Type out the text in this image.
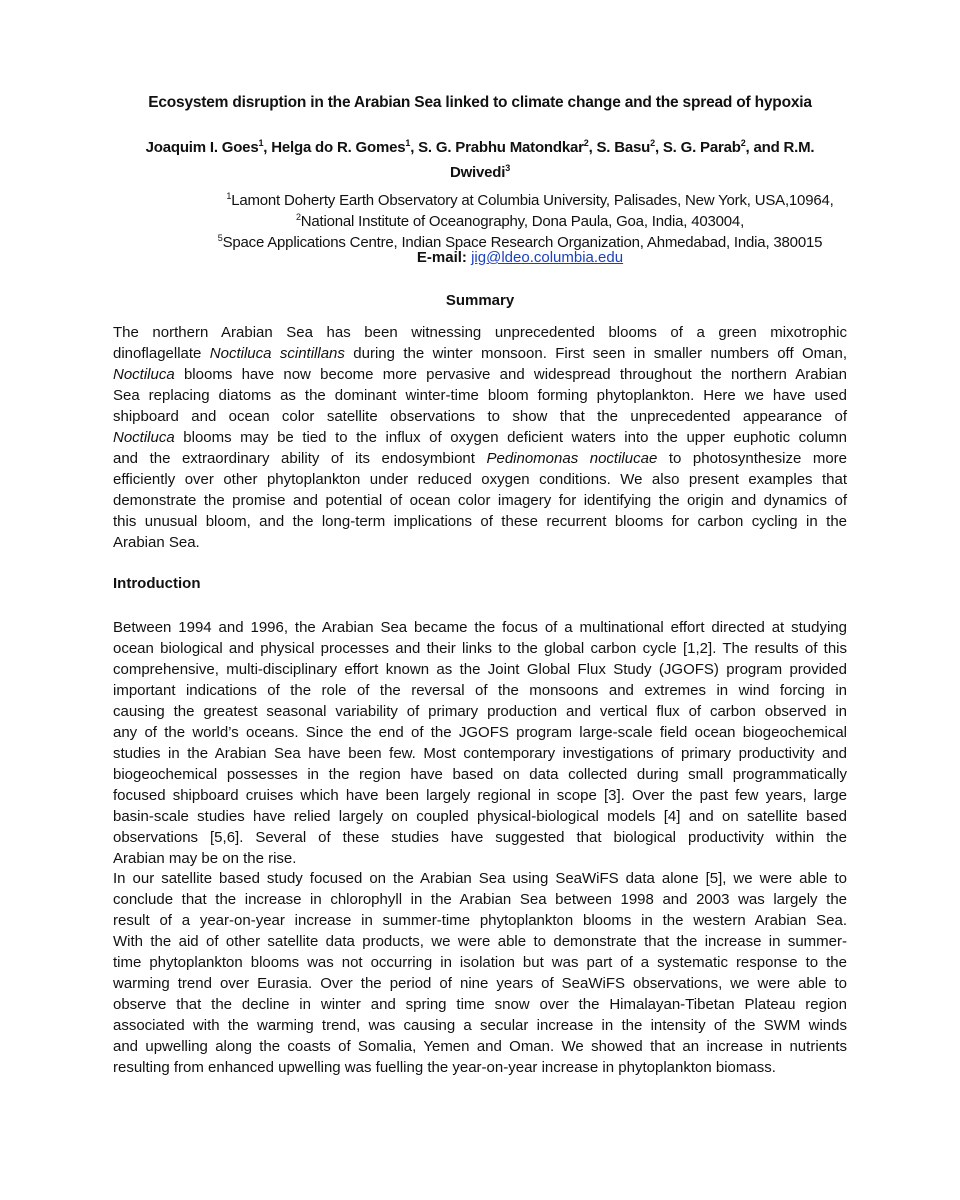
Ecosystem disruption in the Arabian Sea linked to climate change and the spread of hypoxia
Joaquim I. Goes$^1$, Helga do R. Gomes$^1$, S. G. Prabhu Matondkar$^2$, S. Basu$^2$, S. G. Parab$^2$, and R.M.
Dwivedi$^3$
$^1$Lamont Doherty Earth Observatory at Columbia University, Palisades, New York, USA,10964,
$^2$National Institute of Oceanography, Dona Paula, Goa, India, 403004,
$^5$Space Applications Centre, Indian Space Research Organization, Ahmedabad, India, 380015
E-mail: jig@ldeo.columbia.edu
Summary
The northern Arabian Sea has been witnessing unprecedented blooms of a green mixotrophic
dinoflagellate Noctiluca scintillans during the winter monsoon. First seen in smaller numbers off Oman,
Noctiluca blooms have now become more pervasive and widespread throughout the northern Arabian
Sea replacing diatoms as the dominant winter-time bloom forming phytoplankton. Here we have used
shipboard and ocean color satellite observations to show that the unprecedented appearance of
Noctiluca blooms may be tied to the influx of oxygen deficient waters into the upper euphotic column
and the extraordinary ability of its endosymbiont Pedinomonas noctilucae to photosynthesize more
efficiently over other phytoplankton under reduced oxygen conditions. We also present examples that
demonstrate the promise and potential of ocean color imagery for identifying the origin and dynamics of
this unusual bloom, and the long-term implications of these recurrent blooms for carbon cycling in the
Arabian Sea.
Introduction
Between 1994 and 1996, the Arabian Sea became the focus of a multinational effort directed at studying
ocean biological and physical processes and their links to the global carbon cycle [1,2]. The results of this
comprehensive, multi-disciplinary effort known as the Joint Global Flux Study (JGOFS) program provided
important indications of the role of the reversal of the monsoons and extremes in wind forcing in
causing the greatest seasonal variability of primary production and vertical flux of carbon observed in
any of the world’s oceans. Since the end of the JGOFS program large-scale field ocean biogeochemical
studies in the Arabian Sea have been few. Most contemporary investigations of primary productivity and
biogeochemical possesses in the region have based on data collected during small programmatically
focused shipboard cruises which have been largely regional in scope [3]. Over the past few years, large
basin-scale studies have relied largely on coupled physical-biological models [4] and on satellite based
observations [5,6]. Several of these studies have suggested that biological productivity within the
Arabian may be on the rise.
In our satellite based study focused on the Arabian Sea using SeaWiFS data alone [5], we were able to
conclude that the increase in chlorophyll in the Arabian Sea between 1998 and 2003 was largely the
result of a year-on-year increase in summer-time phytoplankton blooms in the western Arabian Sea.
With the aid of other satellite data products, we were able to demonstrate that the increase in summer-
time phytoplankton blooms was not occurring in isolation but was part of a systematic response to the
warming trend over Eurasia. Over the period of nine years of SeaWiFS observations, we were able to
observe that the decline in winter and spring time snow over the Himalayan-Tibetan Plateau region
associated with the warming trend, was causing a secular increase in the intensity of the SWM winds
and upwelling along the coasts of Somalia, Yemen and Oman. We showed that an increase in nutrients
resulting from enhanced upwelling was fuelling the year-on-year increase in phytoplankton biomass.
